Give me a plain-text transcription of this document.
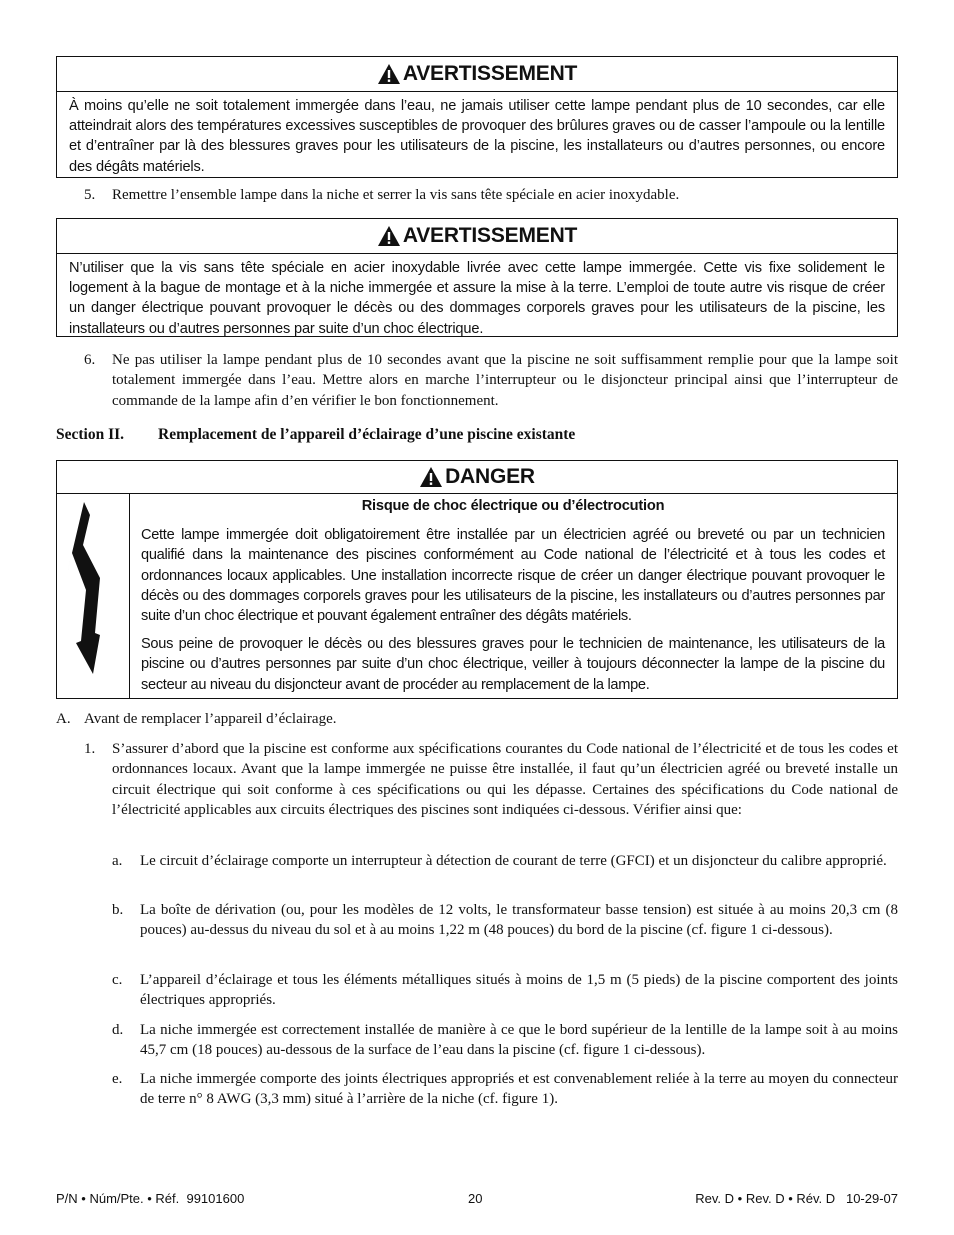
AVERTISSEMENT
À moins qu’elle ne soit totalement immergée dans l’eau, ne jamais utiliser cette lampe pendant plus de 10 secondes, car elle atteindrait alors des températures excessives susceptibles de provoquer des brûlures graves ou de casser l’ampoule ou la lentille et d’entraîner par là des blessures graves pour les utilisateurs de la piscine, les installateurs ou d’autres personnes, ou encore des dégâts matériels.
5. Remettre l’ensemble lampe dans la niche et serrer la vis sans tête spéciale en acier inoxydable.
AVERTISSEMENT
N’utiliser que la vis sans tête spéciale en acier inoxydable livrée avec cette lampe immergée. Cette vis fixe solidement le logement à la bague de montage et à la niche immergée et assure la mise à la terre. L’emploi de toute autre vis risque de créer un danger électrique pouvant provoquer le décès ou des dommages corporels graves pour les utilisateurs de la piscine, les installateurs ou d’autres personnes par suite d’un choc électrique.
6. Ne pas utiliser la lampe pendant plus de 10 secondes avant que la piscine ne soit suffisamment remplie pour que la lampe soit totalement immergée dans l’eau. Mettre alors en marche l’interrupteur ou le disjoncteur principal ainsi que l’interrupteur de commande de la lampe afin d’en vérifier le bon fonctionnement.
Section II. Remplacement de l’appareil d’éclairage d’une piscine existante
DANGER
Risque de choc électrique ou d’électrocution
Cette lampe immergée doit obligatoirement être installée par un électricien agréé ou breveté ou par un technicien qualifié dans la maintenance des piscines conformément au Code national de l’électricité et à tous les codes et ordonnances locaux applicables. Une installation incorrecte risque de créer un danger électrique pouvant provoquer le décès ou des dommages corporels graves pour les utilisateurs de la piscine, les installateurs ou d’autres personnes par suite d’un choc électrique et pouvant également entraîner des dégâts matériels.
Sous peine de provoquer le décès ou des blessures graves pour le technicien de maintenance, les utilisateurs de la piscine ou d’autres personnes par suite d’un choc électrique, veiller à toujours déconnecter la lampe de la piscine du secteur au niveau du disjoncteur avant de procéder au remplacement de la lampe.
A. Avant de remplacer l’appareil d’éclairage.
1. S’assurer d’abord que la piscine est conforme aux spécifications courantes du Code national de l’électricité et de tous les codes et ordonnances locaux. Avant que la lampe immergée ne puisse être installée, il faut qu’un électricien agréé ou breveté installe un circuit électrique qui soit conforme à ces spécifications ou qui les dépasse. Certaines des spécifications du Code national de l’électricité applicables aux circuits électriques des piscines sont indiquées ci-dessous. Vérifier ainsi que:
a. Le circuit d’éclairage comporte un interrupteur à détection de courant de terre (GFCI) et un disjoncteur du calibre approprié.
b. La boîte de dérivation (ou, pour les modèles de 12 volts, le transformateur basse tension) est située à au moins 20,3 cm (8 pouces) au-dessus du niveau du sol et à au moins 1,22 m (48 pouces) du bord de la piscine (cf. figure 1 ci-dessous).
c. L’appareil d’éclairage et tous les éléments métalliques situés à moins de 1,5 m (5 pieds) de la piscine comportent des joints électriques appropriés.
d. La niche immergée est correctement installée de manière à ce que le bord supérieur de la lentille de la lampe soit à au moins 45,7 cm (18 pouces) au-dessous de la surface de l’eau dans la piscine (cf. figure 1 ci-dessous).
e. La niche immergée comporte des joints électriques appropriés et est convenablement reliée à la terre au moyen du connecteur de terre n° 8 AWG (3,3 mm) situé à l’arrière de la niche (cf. figure 1).
P/N • Núm/Pte. • Réf.  99101600	20	Rev. D • Rev. D • Rév. D   10-29-07
